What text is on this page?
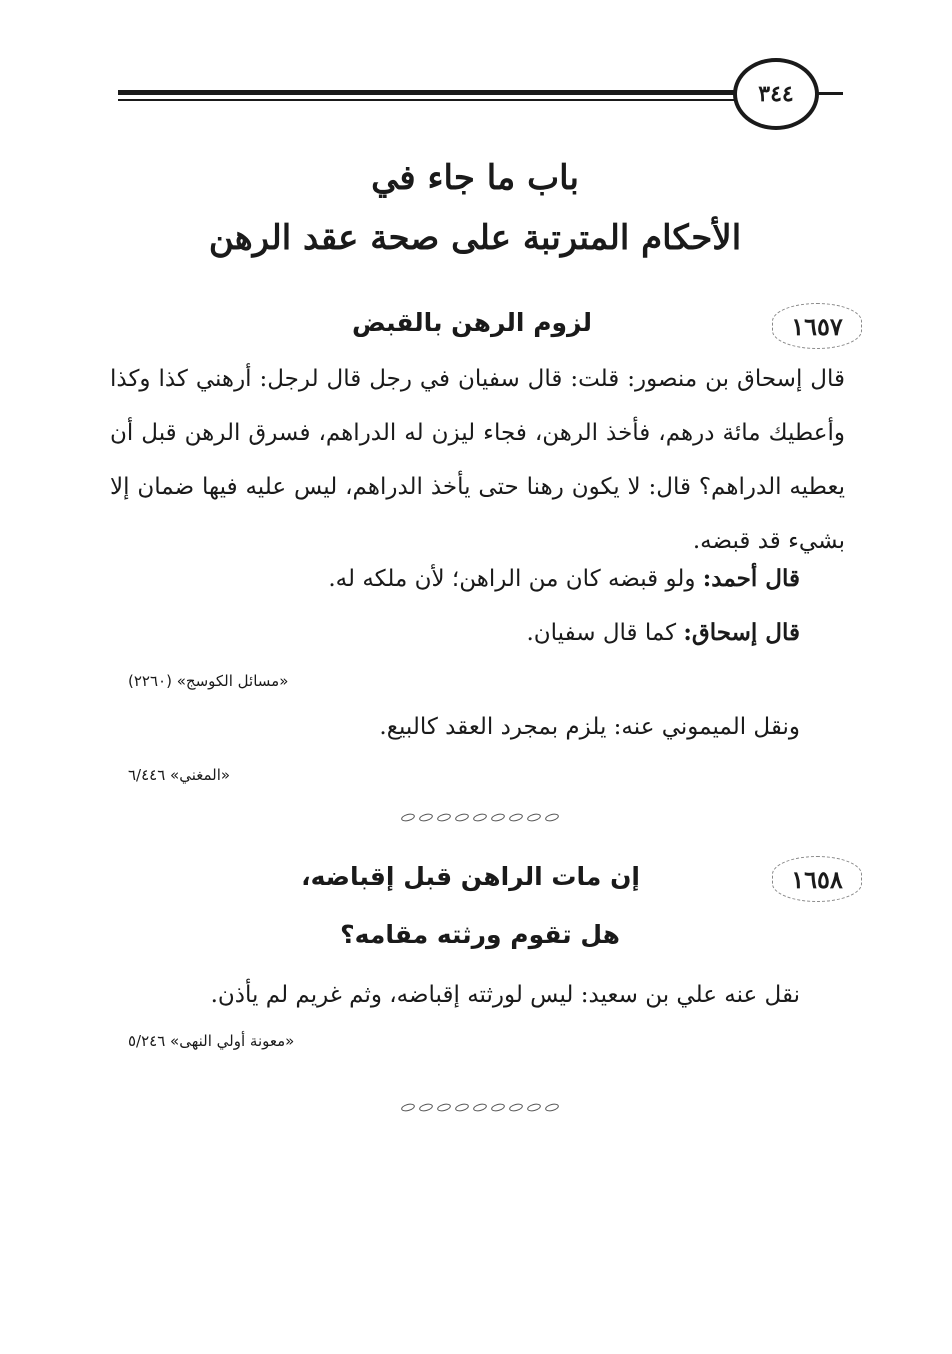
٣٤٤
باب ما جاء في
الأحكام المترتبة على صحة عقد الرهن
١٦٥٧
لزوم الرهن بالقبض
قال إسحاق بن منصور: قلت: قال سفيان في رجل قال لرجل: أرهني كذا وكذا وأعطيك مائة درهم، فأخذ الرهن، فجاء ليزن له الدراهم، فسرق الرهن قبل أن يعطيه الدراهم؟ قال: لا يكون رهنا حتى يأخذ الدراهم، ليس عليه فيها ضمان إلا بشيء قد قبضه.
قال أحمد: ولو قبضه كان من الراهن؛ لأن ملكه له.
قال إسحاق: كما قال سفيان.
«مسائل الكوسج» (٢٢٦٠)
ونقل الميموني عنه: يلزم بمجرد العقد كالبيع.
«المغني» ٦/٤٤٦
١٦٥٨
إن مات الراهن قبل إقباضه،
هل تقوم ورثته مقامه؟
نقل عنه علي بن سعيد: ليس لورثته إقباضه، وثم غريم لم يأذن.
«معونة أولي النهى» ٥/٢٤٦
